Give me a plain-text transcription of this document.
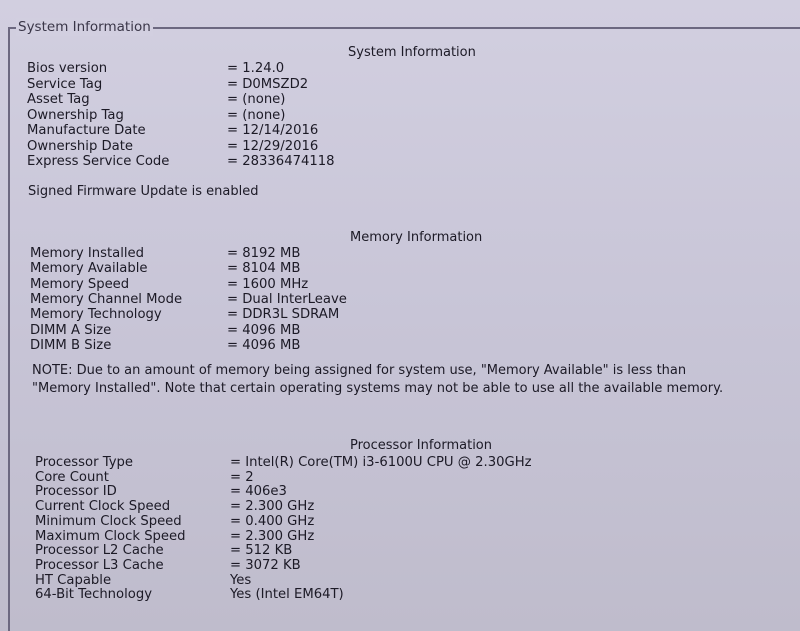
System Information
System Information
Bios version	= 1.24.0
Service Tag	= D0MSZD2
Asset Tag	= (none)
Ownership Tag	= (none)
Manufacture Date	= 12/14/2016
Ownership Date	= 12/29/2016
Express Service Code	= 28336474118
Signed Firmware Update is enabled
Memory Information
Memory Installed	= 8192 MB
Memory Available	= 8104 MB
Memory Speed	= 1600 MHz
Memory Channel Mode	= Dual InterLeave
Memory Technology	= DDR3L SDRAM
DIMM A Size	= 4096 MB
DIMM B Size	= 4096 MB
NOTE: Due to an amount of memory being assigned for system use, "Memory Available" is less than "Memory Installed". Note that certain operating systems may not be able to use all the available memory.
Processor Information
Processor Type	= Intel(R) Core(TM) i3-6100U CPU @ 2.30GHz
Core Count	= 2
Processor ID	= 406e3
Current Clock Speed	= 2.300 GHz
Minimum Clock Speed	= 0.400 GHz
Maximum Clock Speed	= 2.300 GHz
Processor L2 Cache	= 512 KB
Processor L3 Cache	= 3072 KB
HT Capable	Yes
64-Bit Technology	Yes (Intel EM64T)
